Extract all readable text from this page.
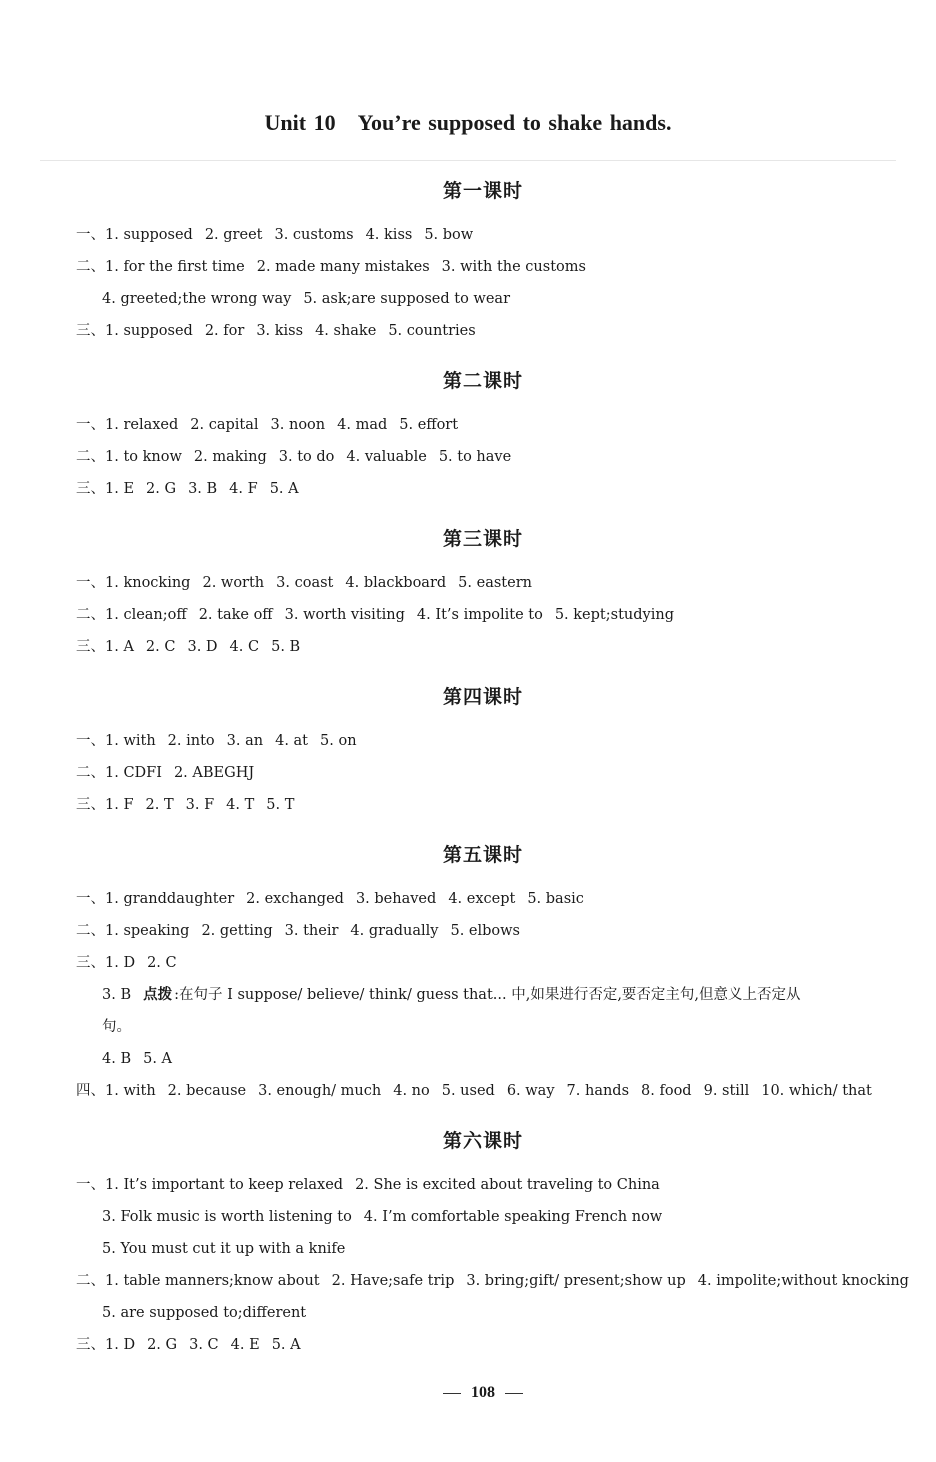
Unit 10 You’re supposed to shake hands.
第一课时
一、1. supposed 2. greet 3. customs 4. kiss 5. bow
二、1. for the first time 2. made many mistakes 3. with the customs
4. greeted;the wrong way 5. ask;are supposed to wear
三、1. supposed 2. for 3. kiss 4. shake 5. countries
第二课时
一、1. relaxed 2. capital 3. noon 4. mad 5. effort
二、1. to know 2. making 3. to do 4. valuable 5. to have
三、1. E 2. G 3. B 4. F 5. A
第三课时
一、1. knocking 2. worth 3. coast 4. blackboard 5. eastern
二、1. clean;off 2. take off 3. worth visiting 4. It’s impolite to 5. kept;studying
三、1. A 2. C 3. D 4. C 5. B
第四课时
一、1. with 2. into 3. an 4. at 5. on
二、1. CDFI 2. ABEGHJ
三、1. F 2. T 3. F 4. T 5. T
第五课时
一、1. granddaughter 2. exchanged 3. behaved 4. except 5. basic
二、1. speaking 2. getting 3. their 4. gradually 5. elbows
三、1. D 2. C
3. B 点拨 :在句子 I suppose/ believe/ think/ guess that... 中,如果进行否定,要否定主句,但意义上否定从
句。
4. B 5. A
四、1. with 2. because 3. enough/ much 4. no 5. used 6. way 7. hands 8. food 9. still 10. which/ that
第六课时
一、1. It’s important to keep relaxed 2. She is excited about traveling to China
3. Folk music is worth listening to 4. I’m comfortable speaking French now
5. You must cut it up with a knife
二、1. table manners;know about 2. Have;safe trip 3. bring;gift/ present;show up 4. impolite;without knocking
5. are supposed to;different
三、1. D 2. G 3. C 4. E 5. A
108
